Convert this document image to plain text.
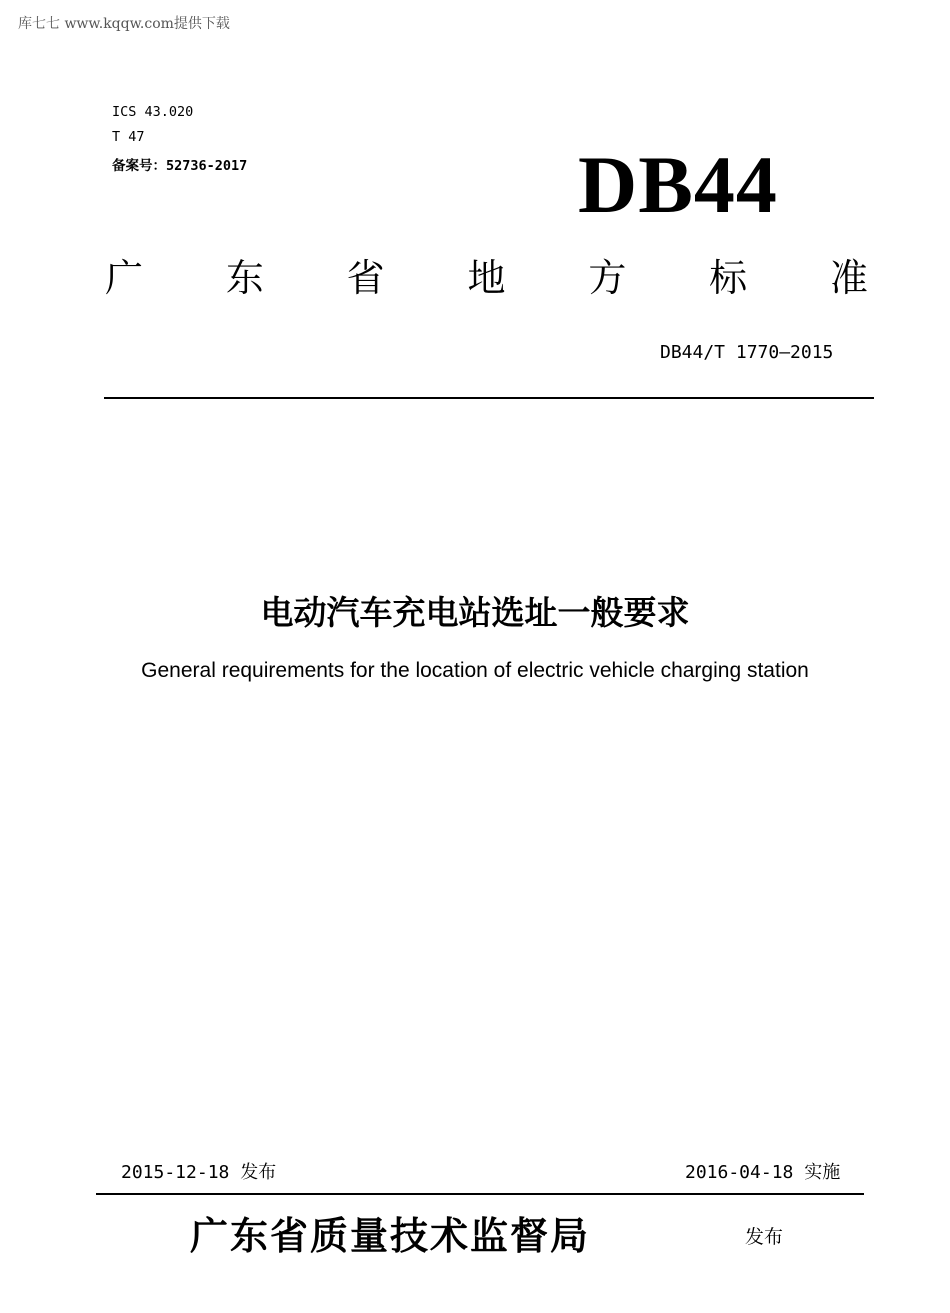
库七七 www.kqqw.com提供下载
ICS 43.020
T 47
备案号：52736-2017	DB44
广 东 省 地 方 标 准
DB44/T 1770—2015
电动汽车充电站选址一般要求
General requirements for the location of electric vehicle charging station
2015-12-18 发布	2016-04-18 实施
广东省质量技术监督局	发布
